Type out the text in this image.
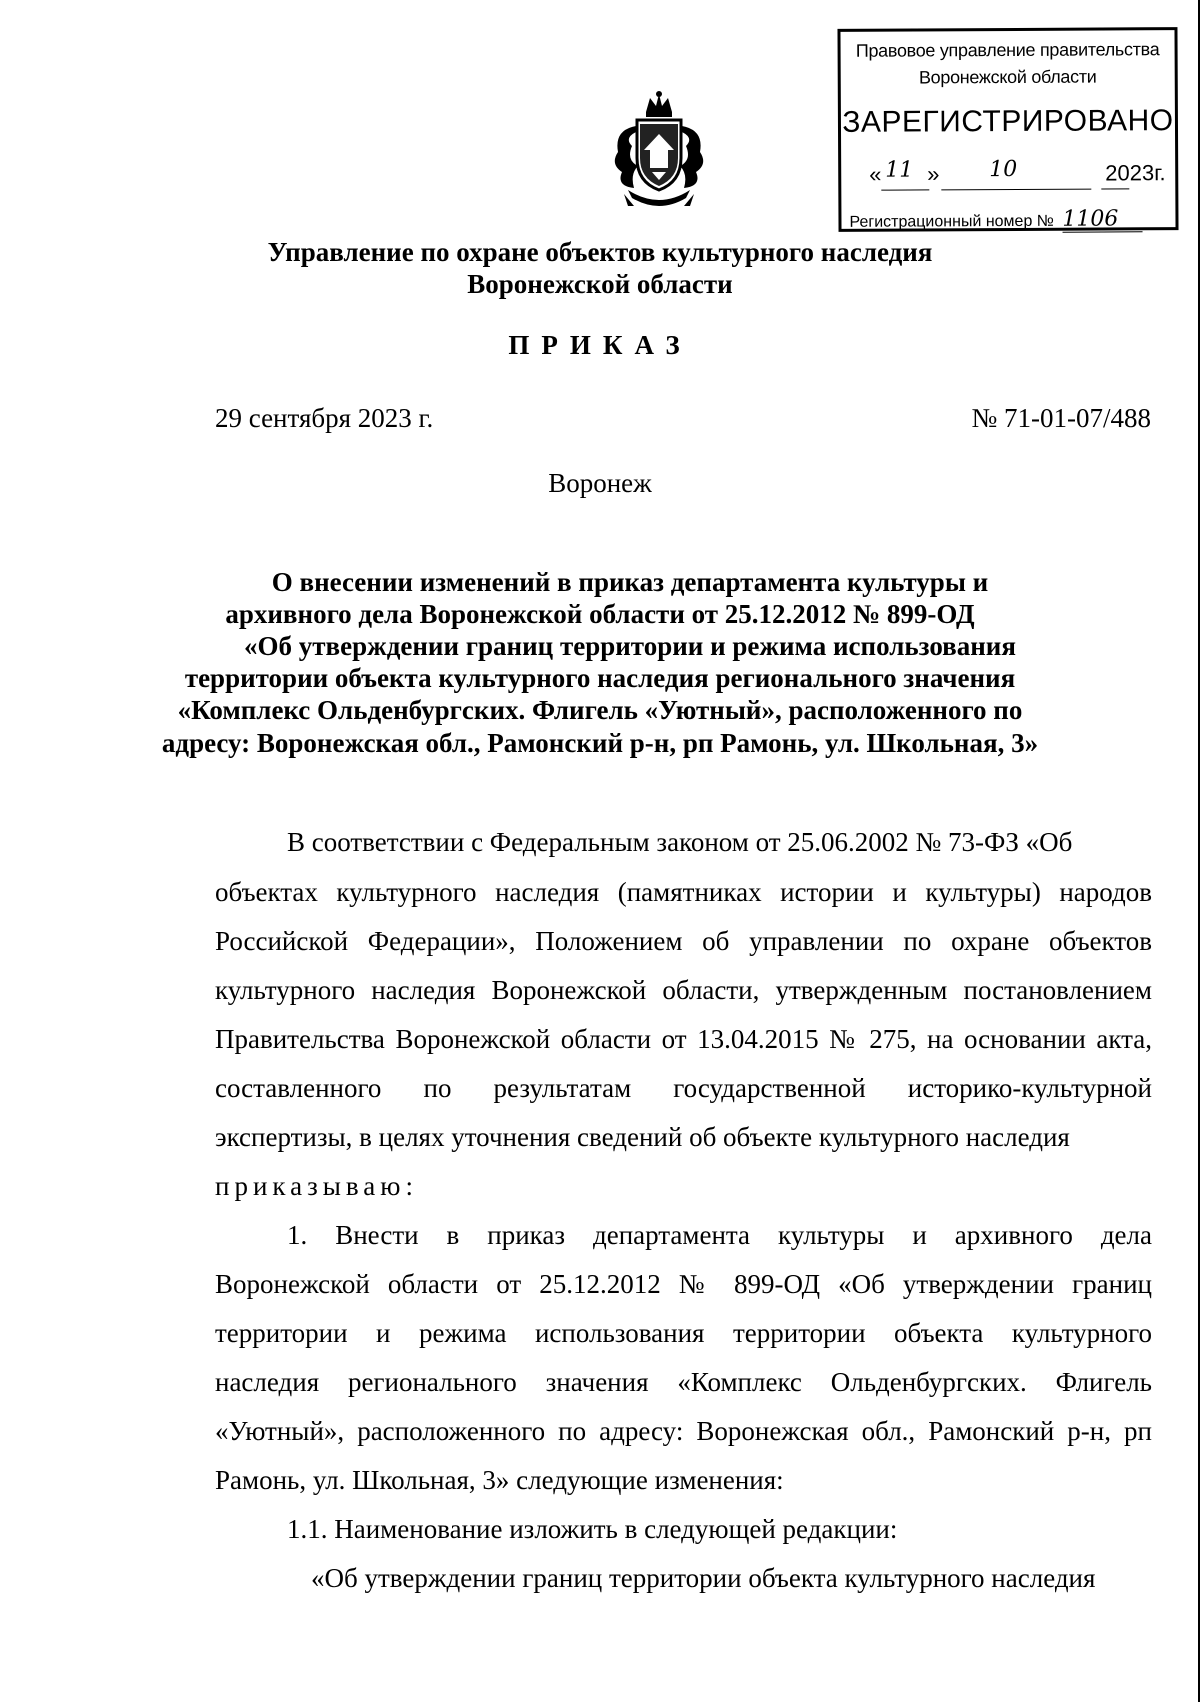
Правовое управление правительства
Воронежской области
ЗАРЕГИСТРИРОВАНО
« 11 » 10	2023г.
Регистрационный номер № 1106
Управление по охране объектов культурного наследия
Воронежской области
ПРИКАЗ
29 сентября 2023 г.	№ 71-01-07/488
Воронеж
О внесении изменений в приказ департамента культуры и
архивного дела Воронежской области от 25.12.2012 № 899-ОД
«Об утверждении границ территории и режима использования
территории объекта культурного наследия регионального значения
«Комплекс Ольденбургских. Флигель «Уютный», расположенного по
адресу: Воронежская обл., Рамонский р-н, рп Рамонь, ул. Школьная, 3»
В соответствии с Федеральным законом от 25.06.2002 № 73-ФЗ «Об
объектах культурного наследия (памятниках истории и культуры) народов
Российской Федерации», Положением об управлении по охране объектов
культурного наследия Воронежской области, утвержденным постановлением
Правительства Воронежской области от 13.04.2015 № 275, на основании акта,
составленного по результатам государственной историко-культурной
экспертизы, в целях уточнения сведений об объекте культурного наследия
приказываю:
1. Внести в приказ департамента культуры и архивного дела
Воронежской области от 25.12.2012 № 899-ОД «Об утверждении границ
территории и режима использования территории объекта культурного
наследия регионального значения «Комплекс Ольденбургских. Флигель
«Уютный», расположенного по адресу: Воронежская обл., Рамонский р-н, рп
Рамонь, ул. Школьная, 3» следующие изменения:
1.1. Наименование изложить в следующей редакции:
«Об утверждении границ территории объекта культурного наследия
